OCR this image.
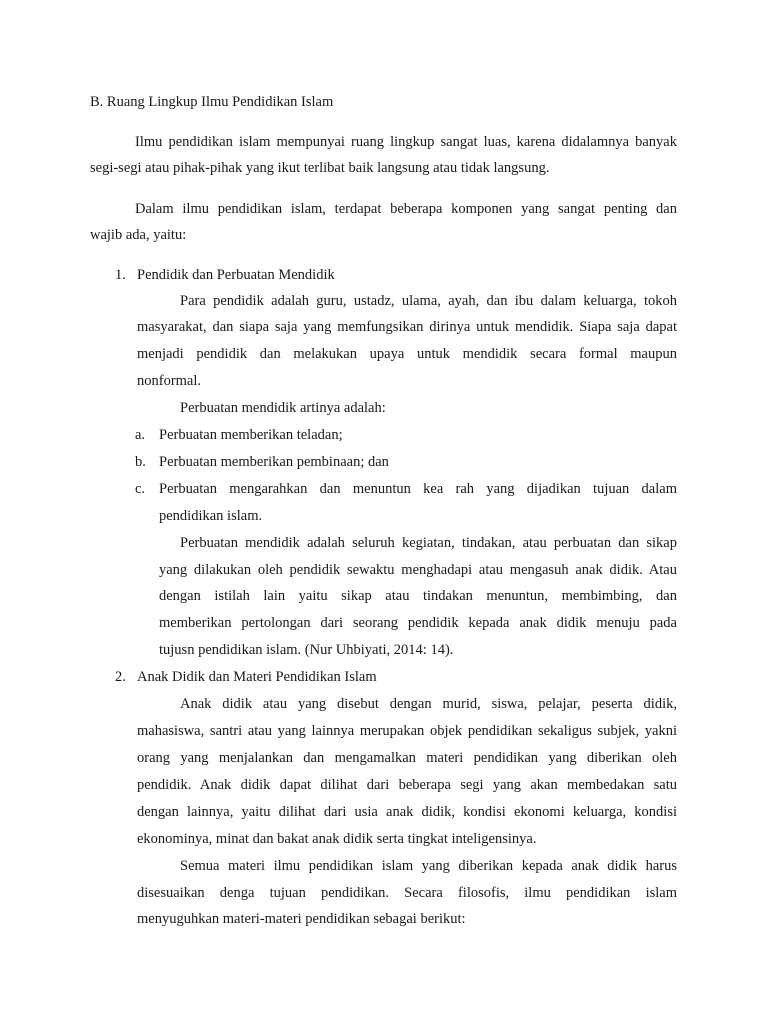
B. Ruang Lingkup Ilmu Pendidikan Islam
Ilmu pendidikan islam mempunyai ruang lingkup sangat luas, karena didalamnya banyak
segi-segi atau pihak-pihak yang ikut terlibat baik langsung atau tidak langsung.
Dalam ilmu pendidikan islam, terdapat beberapa komponen yang sangat penting dan
wajib ada, yaitu:
1. Pendidik dan Perbuatan Mendidik
Para pendidik adalah guru, ustadz, ulama, ayah, dan ibu dalam keluarga, tokoh
masyarakat, dan siapa saja yang memfungsikan dirinya untuk mendidik. Siapa saja dapat
menjadi pendidik dan melakukan upaya untuk mendidik secara formal maupun
nonformal.
Perbuatan mendidik artinya adalah:
a. Perbuatan memberikan teladan;
b. Perbuatan memberikan pembinaan; dan
c. Perbuatan mengarahkan dan menuntun kea rah yang dijadikan tujuan dalam
pendidikan islam.
Perbuatan mendidik adalah seluruh kegiatan, tindakan, atau perbuatan dan sikap
yang dilakukan oleh pendidik sewaktu menghadapi atau mengasuh anak didik. Atau
dengan istilah lain yaitu sikap atau tindakan menuntun, membimbing, dan
memberikan pertolongan dari seorang pendidik kepada anak didik menuju pada
tujusn pendidikan islam. (Nur Uhbiyati, 2014: 14).
2. Anak Didik dan Materi Pendidikan Islam
Anak didik atau yang disebut dengan murid, siswa, pelajar, peserta didik,
mahasiswa, santri atau yang lainnya merupakan objek pendidikan sekaligus subjek, yakni
orang yang menjalankan dan mengamalkan materi pendidikan yang diberikan oleh
pendidik. Anak didik dapat dilihat dari beberapa segi yang akan membedakan satu
dengan lainnya, yaitu dilihat dari usia anak didik, kondisi ekonomi keluarga, kondisi
ekonominya, minat dan bakat anak didik serta tingkat inteligensinya.
Semua materi ilmu pendidikan islam yang diberikan kepada anak didik harus
disesuaikan denga tujuan pendidikan. Secara filosofis, ilmu pendidikan islam
menyuguhkan materi-materi pendidikan sebagai berikut:
